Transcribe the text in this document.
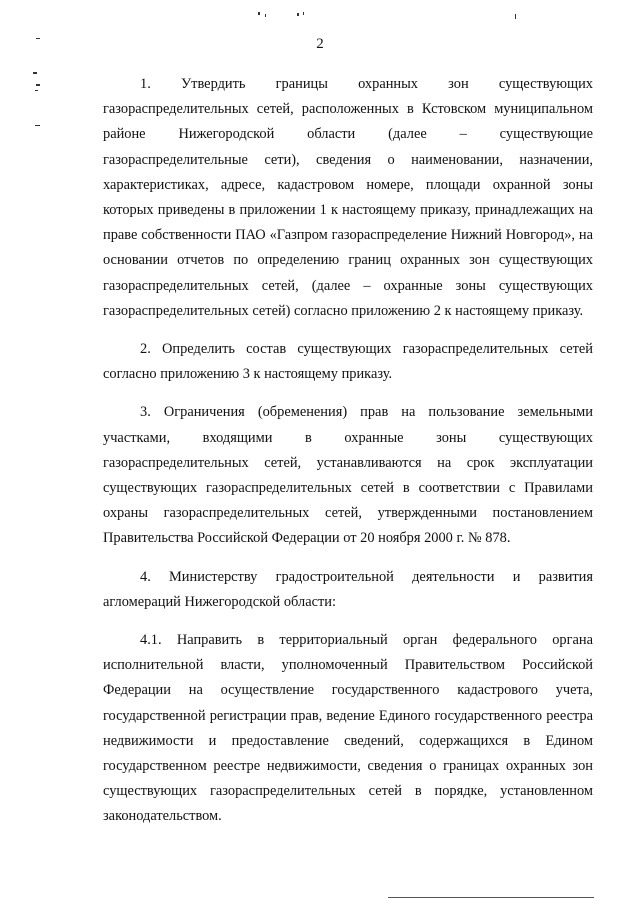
2

1. Утвердить границы охранных зон существующих газораспределительных сетей, расположенных в Кстовском муниципальном районе Нижегородской области (далее – существующие газораспределительные сети), сведения о наименовании, назначении, характеристиках, адресе, кадастровом номере, площади охранной зоны которых приведены в приложении 1 к настоящему приказу, принадлежащих на праве собственности ПАО «Газпром газораспределение Нижний Новгород», на основании отчетов по определению границ охранных зон существующих газораспределительных сетей, (далее – охранные зоны существующих газораспределительных сетей) согласно приложению 2 к настоящему приказу.

2. Определить состав существующих газораспределительных сетей согласно приложению 3 к настоящему приказу.

3. Ограничения (обременения) прав на пользование земельными участками, входящими в охранные зоны существующих газораспределительных сетей, устанавливаются на срок эксплуатации существующих газораспределительных сетей в соответствии с Правилами охраны газораспределительных сетей, утвержденными постановлением Правительства Российской Федерации от 20 ноября 2000 г. № 878.

4. Министерству градостроительной деятельности и развития агломераций Нижегородской области:

4.1. Направить в территориальный орган федерального органа исполнительной власти, уполномоченный Правительством Российской Федерации на осуществление государственного кадастрового учета, государственной регистрации прав, ведение Единого государственного реестра недвижимости и предоставление сведений, содержащихся в Едином государственном реестре недвижимости, сведения о границах охранных зон существующих газораспределительных сетей в порядке, установленном законодательством.
